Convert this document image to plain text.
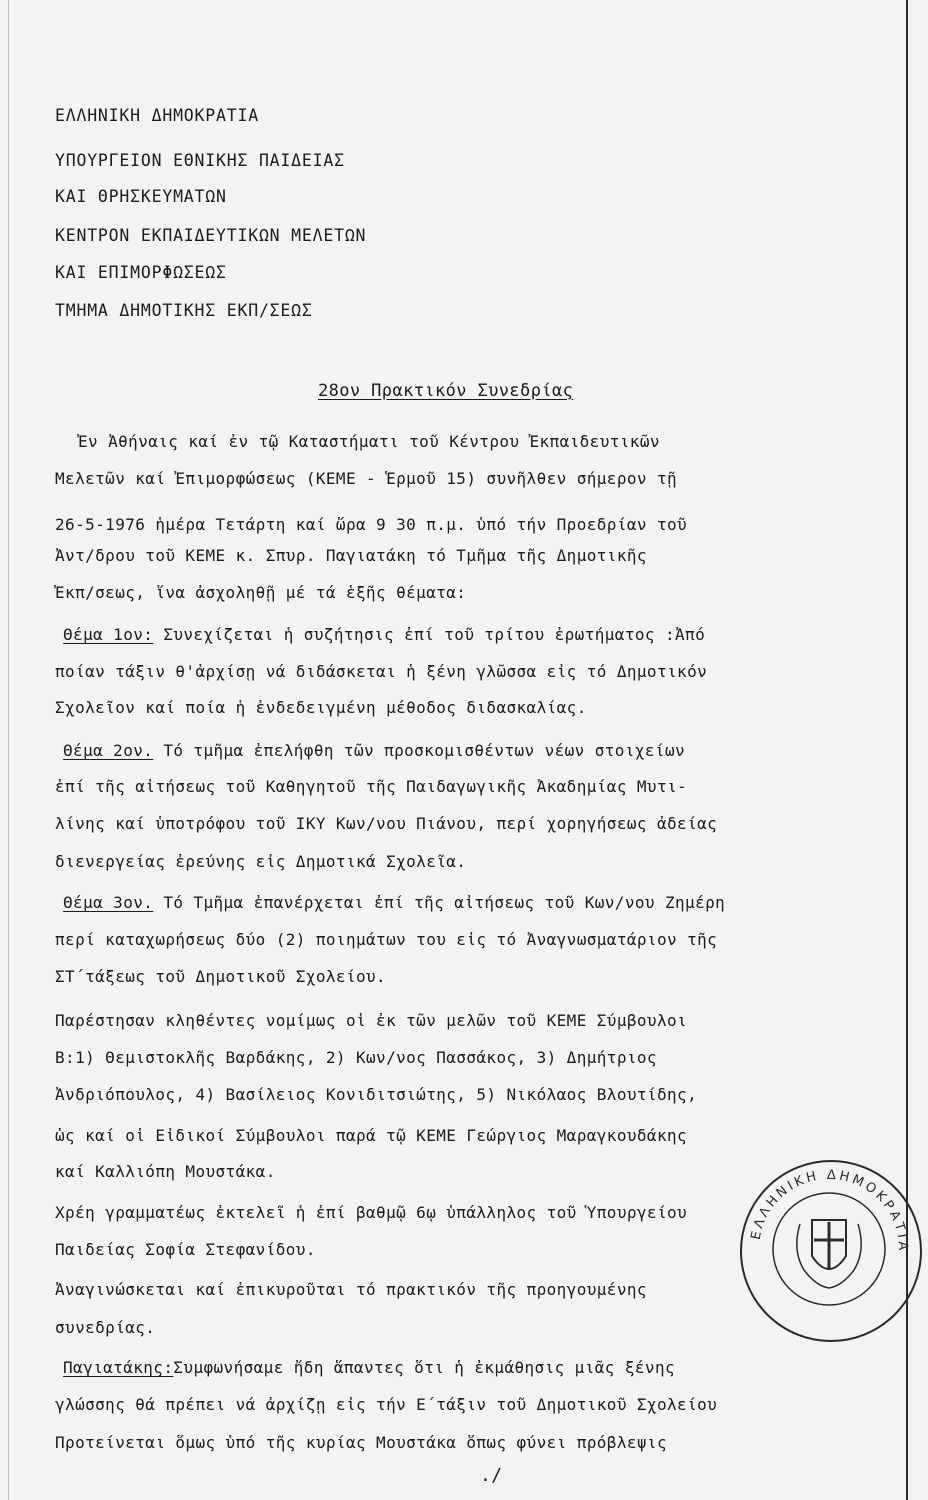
ΕΛΛΗΝΙΚΗ ΔΗΜΟΚΡΑΤΙΑ
ΥΠΟΥΡΓΕΙΟΝ ΕΘΝΙΚΗΣ ΠΑΙΔΕΙΑΣ
ΚΑΙ ΘΡΗΣΚΕΥΜΑΤΩΝ
ΚΕΝΤΡΟΝ ΕΚΠΑΙΔΕΥΤΙΚΩΝ ΜΕΛΕΤΩΝ
ΚΑΙ ΕΠΙΜΟΡΦΩΣΕΩΣ
ΤΜΗΜΑ ΔΗΜΟΤΙΚΗΣ ΕΚΠ/ΣΕΩΣ
28ον Πρακτικόν Συνεδρίας
Ἐν Ἀθήναις καί ἐν τῷ Καταστήματι τοῦ Κέντρου Ἐκπαιδευτικῶν
Μελετῶν καί Ἐπιμορφώσεως (ΚΕΜΕ - Ἑρμοῦ 15) συνῆλθεν σήμερον τῇ
26-5-1976 ἡμέρα Τετάρτη καί ὥρα 9 30 π.μ. ὑπό τήν Προεδρίαν τοῦ
Ἀντ/δρου τοῦ ΚΕΜΕ κ. Σπυρ. Παγιατάκη τό Τμῆμα τῆς Δημοτικῆς
Ἐκπ/σεως, ἵνα ἀσχοληθῇ μέ τά ἑξῆς θέματα:
Θέμα 1ον: Συνεχίζεται ἡ συζήτησις ἐπί τοῦ τρίτου ἐρωτήματος :Ἀπό
ποίαν τάξιν θ'ἀρχίσῃ νά διδάσκεται ἡ ξένη γλῶσσα εἰς τό Δημοτικόν
Σχολεῖον καί ποία ἡ ἐνδεδειγμένη μέθοδος διδασκαλίας.
Θέμα 2ον. Τό τμῆμα ἐπελήφθη τῶν προσκομισθέντων νέων στοιχείων
ἐπί τῆς αἰτήσεως τοῦ Καθηγητοῦ τῆς Παιδαγωγικῆς Ἀκαδημίας Μυτι-
λίνης καί ὑποτρόφου τοῦ ΙΚΥ Κων/νου Πιάνου, περί χορηγήσεως ἀδείας
διενεργείας ἐρεύνης εἰς Δημοτικά Σχολεῖα.
Θέμα 3ον. Τό Τμῆμα ἐπανέρχεται ἐπί τῆς αἰτήσεως τοῦ Κων/νου Ζημέρη
περί καταχωρήσεως δύο (2) ποιημάτων του εἰς τό Ἀναγνωσματάριον τῆς
ΣΤ΄τάξεως τοῦ Δημοτικοῦ Σχολείου.
Παρέστησαν κληθέντες νομίμως οἱ ἐκ τῶν μελῶν τοῦ ΚΕΜΕ Σύμβουλοι
Β:1) Θεμιστοκλῆς Βαρδάκης, 2) Κων/νος Πασσάκος, 3) Δημήτριος
Ἀνδριόπουλος, 4) Βασίλειος Κονιδιτσιώτης, 5) Νικόλαος Βλουτίδης,
ὡς καί οἱ Εἰδικοί Σύμβουλοι παρά τῷ ΚΕΜΕ Γεώργιος Μαραγκουδάκης
καί Καλλιόπη Μουστάκα.
Χρέη γραμματέως ἐκτελεῖ ἡ ἐπί βαθμῷ 6ῳ ὑπάλληλος τοῦ Ὑπουργείου
Παιδείας Σοφία Στεφανίδου.
Ἀναγινώσκεται καί ἐπικυροῦται τό πρακτικόν τῆς προηγουμένης
συνεδρίας.
Παγιατάκης:Συμφωνήσαμε ἤδη ἅπαντες ὅτι ἡ ἐκμάθησις μιᾶς ξένης
γλώσσης θά πρέπει νά ἀρχίζῃ εἰς τήν Ε΄τάξιν τοῦ Δημοτικοῦ Σχολείου
Προτείνεται ὅμως ὑπό τῆς κυρίας Μουστάκα ὅπως φύνει πρόβλεψις
./
ΕΛΛΗΝΙΚΗ ΔΗΜΟΚΡΑΤΙΑ
